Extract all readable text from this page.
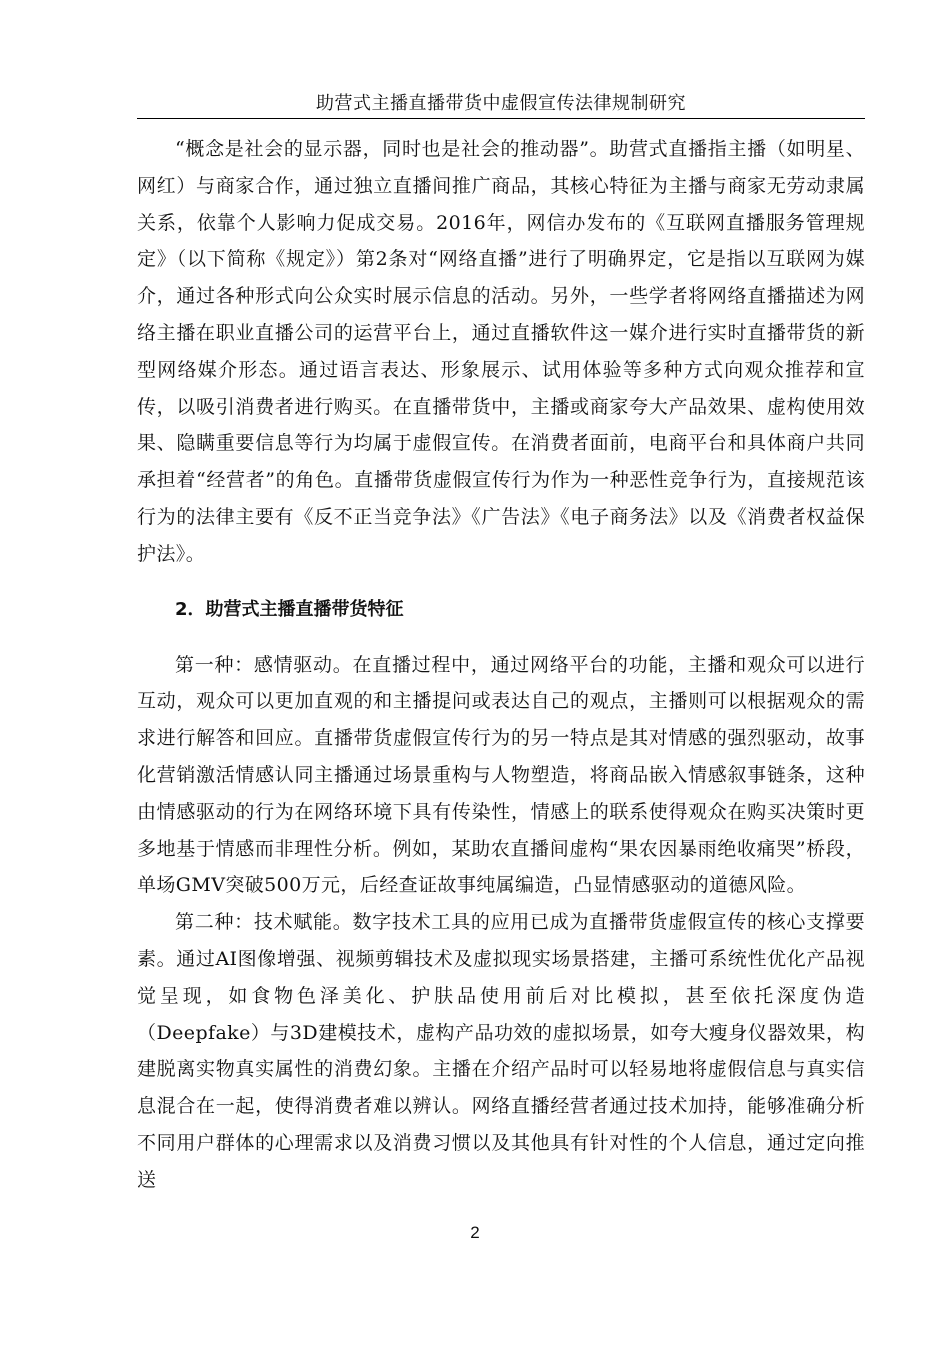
助营式主播直播带货中虚假宣传法律规制研究

“概念是社会的显示器，同时也是社会的推动器”。助营式直播指主播（如明星、网红）与商家合作，通过独立直播间推广商品，其核心特征为主播与商家无劳动隶属关系，依靠个人影响力促成交易。2016年，网信办发布的《互联网直播服务管理规定》（以下简称《规定》）第2条对“网络直播”进行了明确界定，它是指以互联网为媒介，通过各种形式向公众实时展示信息的活动。另外，一些学者将网络直播描述为网络主播在职业直播公司的运营平台上，通过直播软件这一媒介进行实时直播带货的新型网络媒介形态。通过语言表达、形象展示、试用体验等多种方式向观众推荐和宣传，以吸引消费者进行购买。在直播带货中，主播或商家夸大产品效果、虚构使用效果、隐瞒重要信息等行为均属于虚假宣传。在消费者面前，电商平台和具体商户共同承担着“经营者”的角色。直播带货虚假宣传行为作为一种恶性竞争行为，直接规范该行为的法律主要有《反不正当竞争法》《广告法》《电子商务法》以及《消费者权益保护法》。

2．助营式主播直播带货特征

第一种：感情驱动。在直播过程中，通过网络平台的功能，主播和观众可以进行互动，观众可以更加直观的和主播提问或表达自己的观点，主播则可以根据观众的需求进行解答和回应。直播带货虚假宣传行为的另一特点是其对情感的强烈驱动，故事化营销激活情感认同主播通过场景重构与人物塑造，将商品嵌入情感叙事链条，这种由情感驱动的行为在网络环境下具有传染性，情感上的联系使得观众在购买决策时更多地基于情感而非理性分析。例如，某助农直播间虚构“果农因暴雨绝收痛哭”桥段，单场GMV突破500万元，后经查证故事纯属编造，凸显情感驱动的道德风险。

第二种：技术赋能。数字技术工具的应用已成为直播带货虚假宣传的核心支撑要素。通过AI图像增强、视频剪辑技术及虚拟现实场景搭建，主播可系统性优化产品视觉呈现，如食物色泽美化、护肤品使用前后对比模拟，甚至依托深度伪造（Deepfake）与3D建模技术，虚构产品功效的虚拟场景，如夸大瘦身仪器效果，构建脱离实物真实属性的消费幻象。主播在介绍产品时可以轻易地将虚假信息与真实信息混合在一起，使得消费者难以辨认。网络直播经营者通过技术加持，能够准确分析不同用户群体的心理需求以及消费习惯以及其他具有针对性的个人信息，通过定向推送

2
